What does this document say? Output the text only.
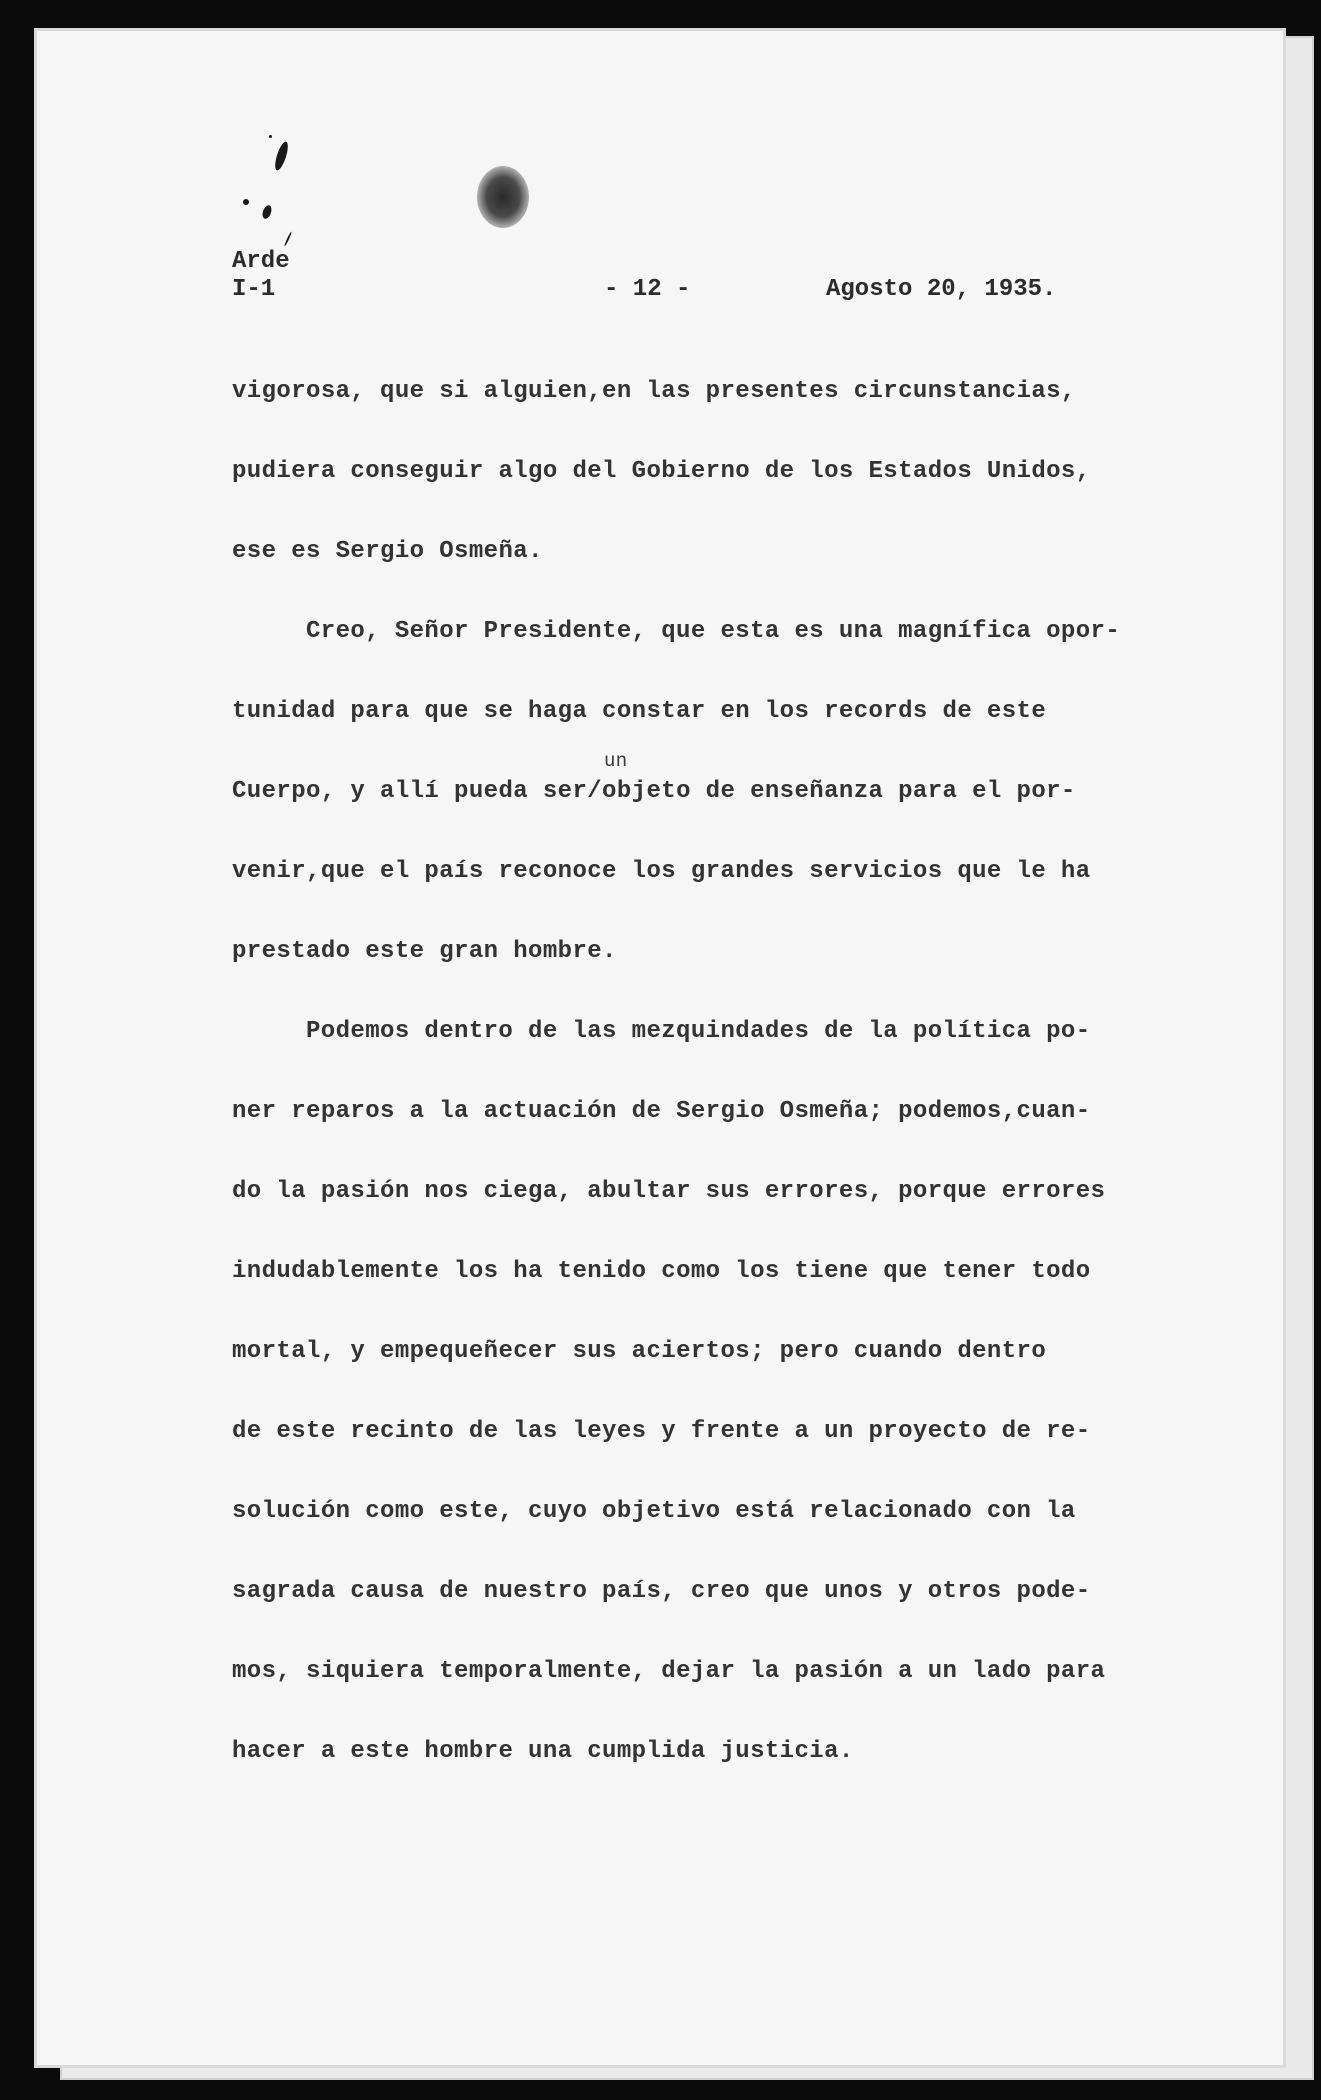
Arde
I-1	- 12 -	Agosto 20, 1935.
vigorosa, que si alguien,en las presentes circunstancias,
pudiera conseguir algo del Gobierno de los Estados Unidos,
ese es Sergio Osmeña.
Creo, Señor Presidente, que esta es una magnífica opor-
tunidad para que se haga constar en los records de este
un
Cuerpo, y allí pueda ser/objeto de enseñanza para el por-
venir,que el país reconoce los grandes servicios que le ha
prestado este gran hombre.
Podemos dentro de las mezquindades de la política po-
ner reparos a la actuación de Sergio Osmeña; podemos,cuan-
do la pasión nos ciega, abultar sus errores, porque errores
indudablemente los ha tenido como los tiene que tener todo
mortal, y empequeñecer sus aciertos; pero cuando dentro
de este recinto de las leyes y frente a un proyecto de re-
solución como este, cuyo objetivo está relacionado con la
sagrada causa de nuestro país, creo que unos y otros pode-
mos, siquiera temporalmente, dejar la pasión a un lado para
hacer a este hombre una cumplida justicia.
